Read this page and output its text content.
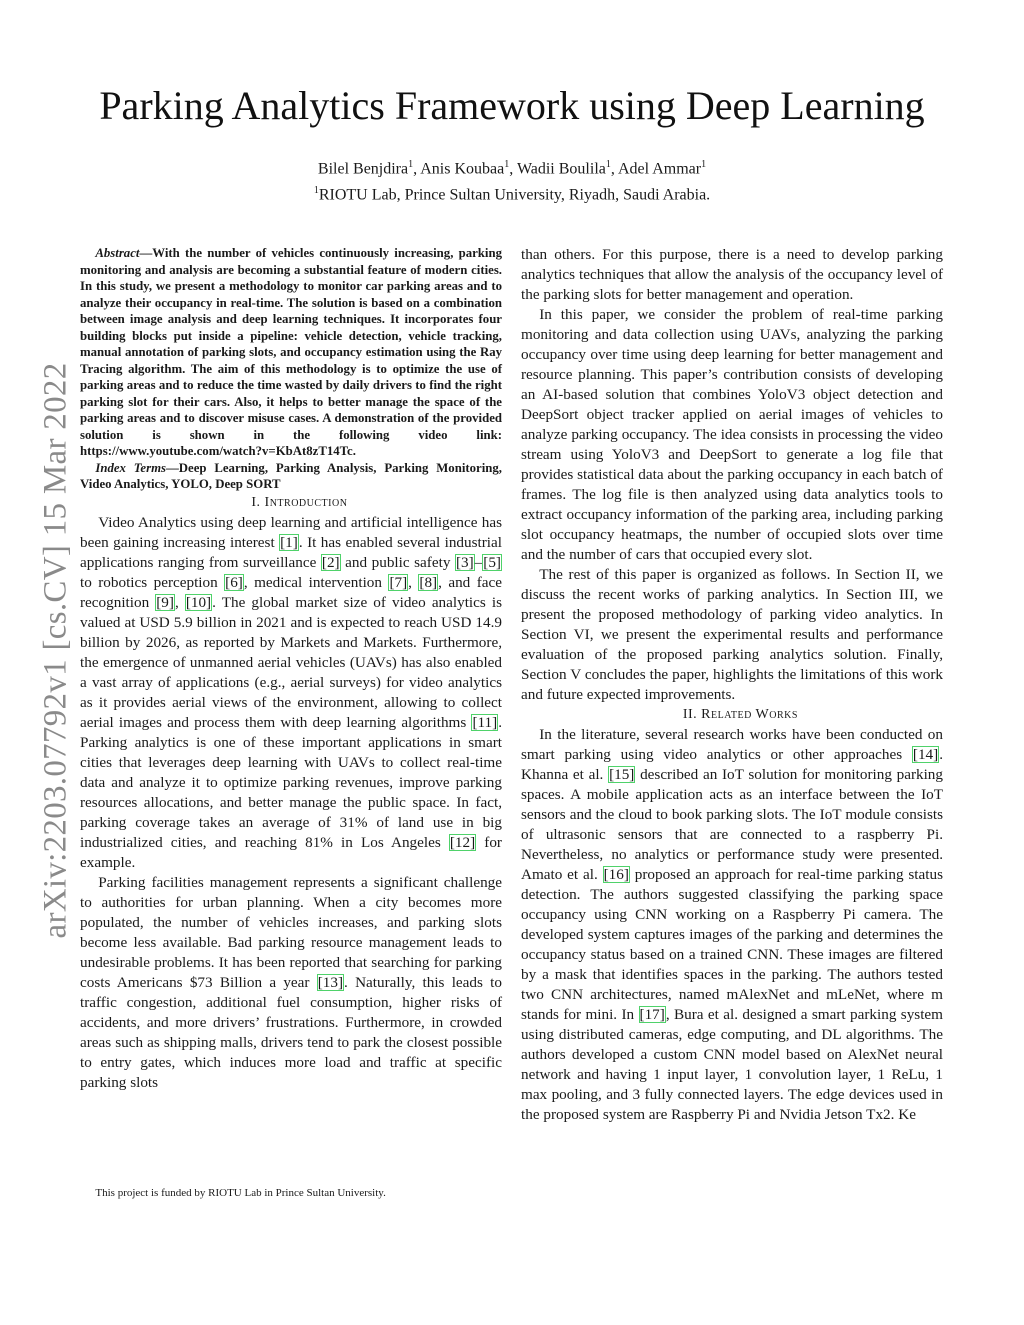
arXiv:2203.07792v1 [cs.CV] 15 Mar 2022
Parking Analytics Framework using Deep Learning
Bilel Benjdira$^1$, Anis Koubaa$^1$, Wadii Boulila$^1$, Adel Ammar$^1$
$^1$RIOTU Lab, Prince Sultan University, Riyadh, Saudi Arabia.

Abstract—With the number of vehicles continuously increasing, parking monitoring and analysis are becoming a substantial feature of modern cities. In this study, we present a methodology to monitor car parking areas and to analyze their occupancy in real-time. The solution is based on a combination between image analysis and deep learning techniques. It incorporates four building blocks put inside a pipeline: vehicle detection, vehicle tracking, manual annotation of parking slots, and occupancy estimation using the Ray Tracing algorithm. The aim of this methodology is to optimize the use of parking areas and to reduce the time wasted by daily drivers to find the right parking slot for their cars. Also, it helps to better manage the space of the parking areas and to discover misuse cases. A demonstration of the provided solution is shown in the following video link: https://www.youtube.com/watch?v=KbAt8zT14Tc.

Index Terms—Deep Learning, Parking Analysis, Parking Monitoring, Video Analytics, YOLO, Deep SORT

I. Introduction

Video Analytics using deep learning and artificial intelligence has been gaining increasing interest [1]. It has enabled several industrial applications ranging from surveillance [2] and public safety [3]–[5] to robotics perception [6], medical intervention [7], [8], and face recognition [9], [10]. The global market size of video analytics is valued at USD 5.9 billion in 2021 and is expected to reach USD 14.9 billion by 2026, as reported by Markets and Markets. Furthermore, the emergence of unmanned aerial vehicles (UAVs) has also enabled a vast array of applications (e.g., aerial surveys) for video analytics as it provides aerial views of the environment, allowing to collect aerial images and process them with deep learning algorithms [11]. Parking analytics is one of these important applications in smart cities that leverages deep learning with UAVs to collect real-time data and analyze it to optimize parking revenues, improve parking resources allocations, and better manage the public space. In fact, parking coverage takes an average of 31% of land use in big industrialized cities, and reaching 81% in Los Angeles [12] for example.

Parking facilities management represents a significant challenge to authorities for urban planning. When a city becomes more populated, the number of vehicles increases, and parking slots become less available. Bad parking resource management leads to undesirable problems. It has been reported that searching for parking costs Americans $73 Billion a year [13]. Naturally, this leads to traffic congestion, additional fuel consumption, higher risks of accidents, and more drivers’ frustrations. Furthermore, in crowded areas such as shipping malls, drivers tend to park the closest possible to entry gates, which induces more load and traffic at specific parking slots

than others. For this purpose, there is a need to develop parking analytics techniques that allow the analysis of the occupancy level of the parking slots for better management and operation.

In this paper, we consider the problem of real-time parking monitoring and data collection using UAVs, analyzing the parking occupancy over time using deep learning for better management and resource planning. This paper’s contribution consists of developing an AI-based solution that combines YoloV3 object detection and DeepSort object tracker applied on aerial images of vehicles to analyze parking occupancy. The idea consists in processing the video stream using YoloV3 and DeepSort to generate a log file that provides statistical data about the parking occupancy in each batch of frames. The log file is then analyzed using data analytics tools to extract occupancy information of the parking area, including parking slot occupancy heatmaps, the number of occupied slots over time and the number of cars that occupied every slot.

The rest of this paper is organized as follows. In Section II, we discuss the recent works of parking analytics. In Section III, we present the proposed methodology of parking video analytics. In Section VI, we present the experimental results and performance evaluation of the proposed parking analytics solution. Finally, Section V concludes the paper, highlights the limitations of this work and future expected improvements.

II. Related Works

In the literature, several research works have been conducted on smart parking using video analytics or other approaches [14]. Khanna et al. [15] described an IoT solution for monitoring parking spaces. A mobile application acts as an interface between the IoT sensors and the cloud to book parking slots. The IoT module consists of ultrasonic sensors that are connected to a raspberry Pi. Nevertheless, no analytics or performance study were presented. Amato et al. [16] proposed an approach for real-time parking status detection. The authors suggested classifying the parking space occupancy using CNN working on a Raspberry Pi camera. The developed system captures images of the parking and determines the occupancy status based on a trained CNN. These images are filtered by a mask that identifies spaces in the parking. The authors tested two CNN architectures, named mAlexNet and mLeNet, where m stands for mini. In [17], Bura et al. designed a smart parking system using distributed cameras, edge computing, and DL algorithms. The authors developed a custom CNN model based on AlexNet neural network and having 1 input layer, 1 convolution layer, 1 ReLu, 1 max pooling, and 3 fully connected layers. The edge devices used in the proposed system are Raspberry Pi and Nvidia Jetson Tx2. Ke

This project is funded by RIOTU Lab in Prince Sultan University.
